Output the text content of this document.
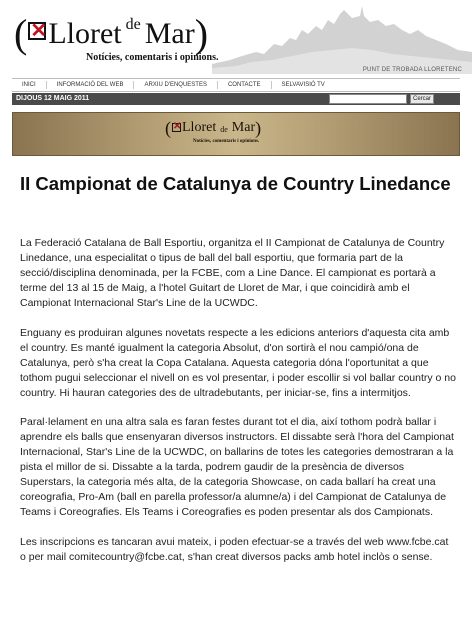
( ✕ Lloret de Mar)
Notícies, comentaris i opinions.
PUNT DE TROBADA LLORETENC
INICI	INFORMACIÓ DEL WEB	ARXIU D'ENQUESTES	CONTACTE	SELVAVISIÓ TV
DIJOUS 12 MAIG 2011	Cercar
( ✕ Lloret de Mar)
Notícies, comentaris i opinions.
II Campionat de Catalunya de Country Linedance

La Federació Catalana de Ball Esportiu, organitza el II Campionat de Catalunya de Country Linedance, una especialitat o tipus de ball del ball esportiu, que formaria part de la secció/disciplina denominada, per la FCBE, com a Line Dance. El campionat es portarà a terme del 13 al 15 de Maig, a l'hotel Guitart de Lloret de Mar, i que coincidirà amb el Campionat Internacional Star's Line de la UCWDC.

Enguany es produiran algunes novetats respecte a les edicions anteriors d'aquesta cita amb el country. Es manté igualment la categoria Absolut, d'on sortirà el nou campió/ona de Catalunya, però s'ha creat la Copa Catalana. Aquesta categoria dóna l'oportunitat a que tothom pugui seleccionar el nivell on es vol presentar, i poder escollir si vol ballar country o no country. Hi hauran categories des de ultradebutants, per iniciar-se, fins a intermitjos.

Paral·lelament en una altra sala es faran festes durant tot el dia, així tothom podrà ballar i aprendre els balls que ensenyaran diversos instructors. El dissabte serà l'hora del Campionat Internacional, Star's Line de la UCWDC, on ballarins de totes les categories demostraran a la pista el millor de si. Dissabte a la tarda, podrem gaudir de la presència de diversos Superstars, la categoria més alta, de la categoria Showcase, on cada ballarí ha creat una coreografia, Pro-Am (ball en parella professor/a alumne/a) i del Campionat de Catalunya de Teams i Coreografies. Els Teams i Coreografies es poden presentar als dos Campionats.

Les inscripcions es tancaran avui mateix, i poden efectuar-se a través del web www.fcbe.cat o per mail comitecountry@fcbe.cat, s'han creat diversos packs amb hotel inclòs o sense.
